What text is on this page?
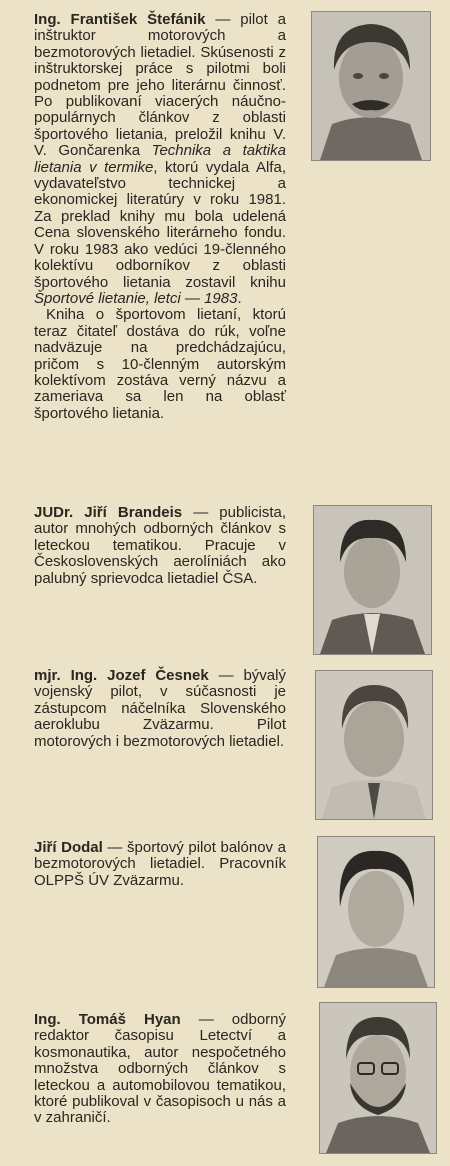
Ing. František Štefánik — pilot a inštruktor motorových a bezmotorových lietadiel. Skúsenosti z inštruktorskej práce s pilotmi boli podnetom pre jeho literárnu činnosť. Po publikovaní viacerých náučno-populárnych článkov z oblasti športového lietania, preložil knihu V. V. Gončarenka Technika a taktika lietania v termike, ktorú vydala Alfa, vydavateľstvo technickej a ekonomickej literatúry v roku 1981. Za preklad knihy mu bola udelená Cena slovenského literárneho fondu. V roku 1983 ako vedúci 19-členného kolektívu odborníkov z oblasti športového lietania zostavil knihu Športové lietanie, letci — 1983.

Kniha o športovom lietaní, ktorú teraz čitateľ dostáva do rúk, voľne nadväzuje na predchádzajúcu, pričom s 10-členným autorským kolektívom zostáva verný názvu a zameriava sa len na oblasť športového lietania.

JUDr. Jiří Brandeis — publicista, autor mnohých odborných článkov s leteckou tematikou. Pracuje v Československých aerolíniách ako palubný sprievodca lietadiel ČSA.

mjr. Ing. Jozef Česnek — bývalý vojenský pilot, v súčasnosti je zástupcom náčelníka Slovenského aeroklubu Zväzarmu. Pilot motorových i bezmotorových lietadiel.

Jiří Dodal — športový pilot balónov a bezmotorových lietadiel. Pracovník OLPPŠ ÚV Zväzarmu.

Ing. Tomáš Hyan — odborný redaktor časopisu Letectví a kosmonautika, autor nespočetného množstva odborných článkov s leteckou a automobilovou tematikou, ktoré publikoval v časopisoch u nás a v zahraničí.
